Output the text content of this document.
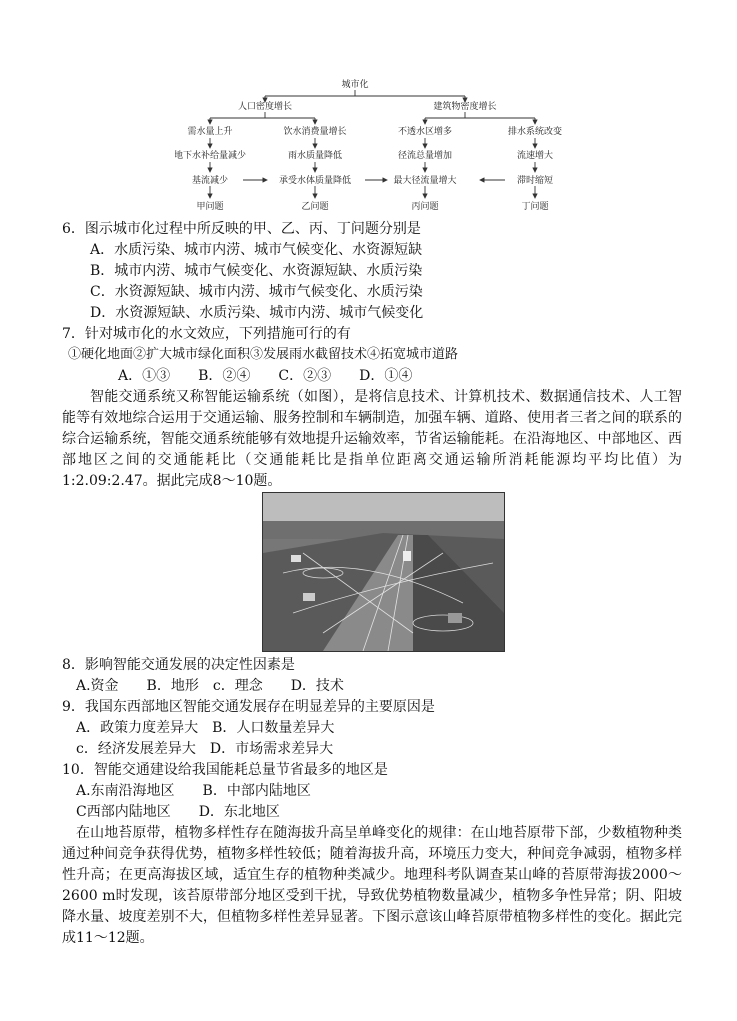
城市化
人口密度增长	建筑物密度增长
需水量上升	饮水消费量增长	不透水区增多	排水系统改变
地下水补给量减少	雨水质量降低	径流总量增加	流速增大
基流减少	承受水体质量降低	最大径流量增大	滞时缩短
甲问题	乙问题	丙问题	丁问题
6．图示城市化过程中所反映的甲、乙、丙、丁问题分别是
A．水质污染、城市内涝、城市气候变化、水资源短缺
B．城市内涝、城市气候变化、水资源短缺、水质污染
C．水资源短缺、城市内涝、城市气候变化、水质污染
D．水资源短缺、水质污染、城市内涝、城市气候变化
7．针对城市化的水文效应，下列措施可行的有
①硬化地面②扩大城市绿化面积③发展雨水截留技术④拓宽城市道路
A．①③　　B．②④　　C．②③　　D．①④
智能交通系统又称智能运输系统（如图），是将信息技术、计算机技术、数据通信技术、人工智能等有效地综合运用于交通运输、服务控制和车辆制造，加强车辆、道路、使用者三者之间的联系的综合运输系统，智能交通系统能够有效地提升运输效率，节省运输能耗。在沿海地区、中部地区、西部地区之间的交通能耗比（交通能耗比是指单位距离交通运输所消耗能源均平均比值）为1:2.09:2.47。据此完成8～10题。
8．影响智能交通发展的决定性因素是
A.资金　　B．地形　c．理念　　D．技术
9．我国东西部地区智能交通发展存在明显差异的主要原因是
A．政策力度差异大　B．人口数量差异大
c．经济发展差异大　D．市场需求差异大
10．智能交通建设给我国能耗总量节省最多的地区是
A.东南沿海地区　　B．中部内陆地区
C西部内陆地区　　D．东北地区
在山地苔原带，植物多样性存在随海拔升高呈单峰变化的规律：在山地苔原带下部，少数植物种类通过种间竞争获得优势，植物多样性较低；随着海拔升高，环境压力变大，种间竞争减弱，植物多样性升高；在更高海拔区域，适宜生存的植物种类减少。地理科考队调查某山峰的苔原带海拔2000～2600 m时发现，该苔原带部分地区受到干扰，导致优势植物数量减少，植物多争性异常；阴、阳坡降水量、坡度差别不大，但植物多样性差异显著。下图示意该山峰苔原带植物多样性的变化。据此完成11～12题。
